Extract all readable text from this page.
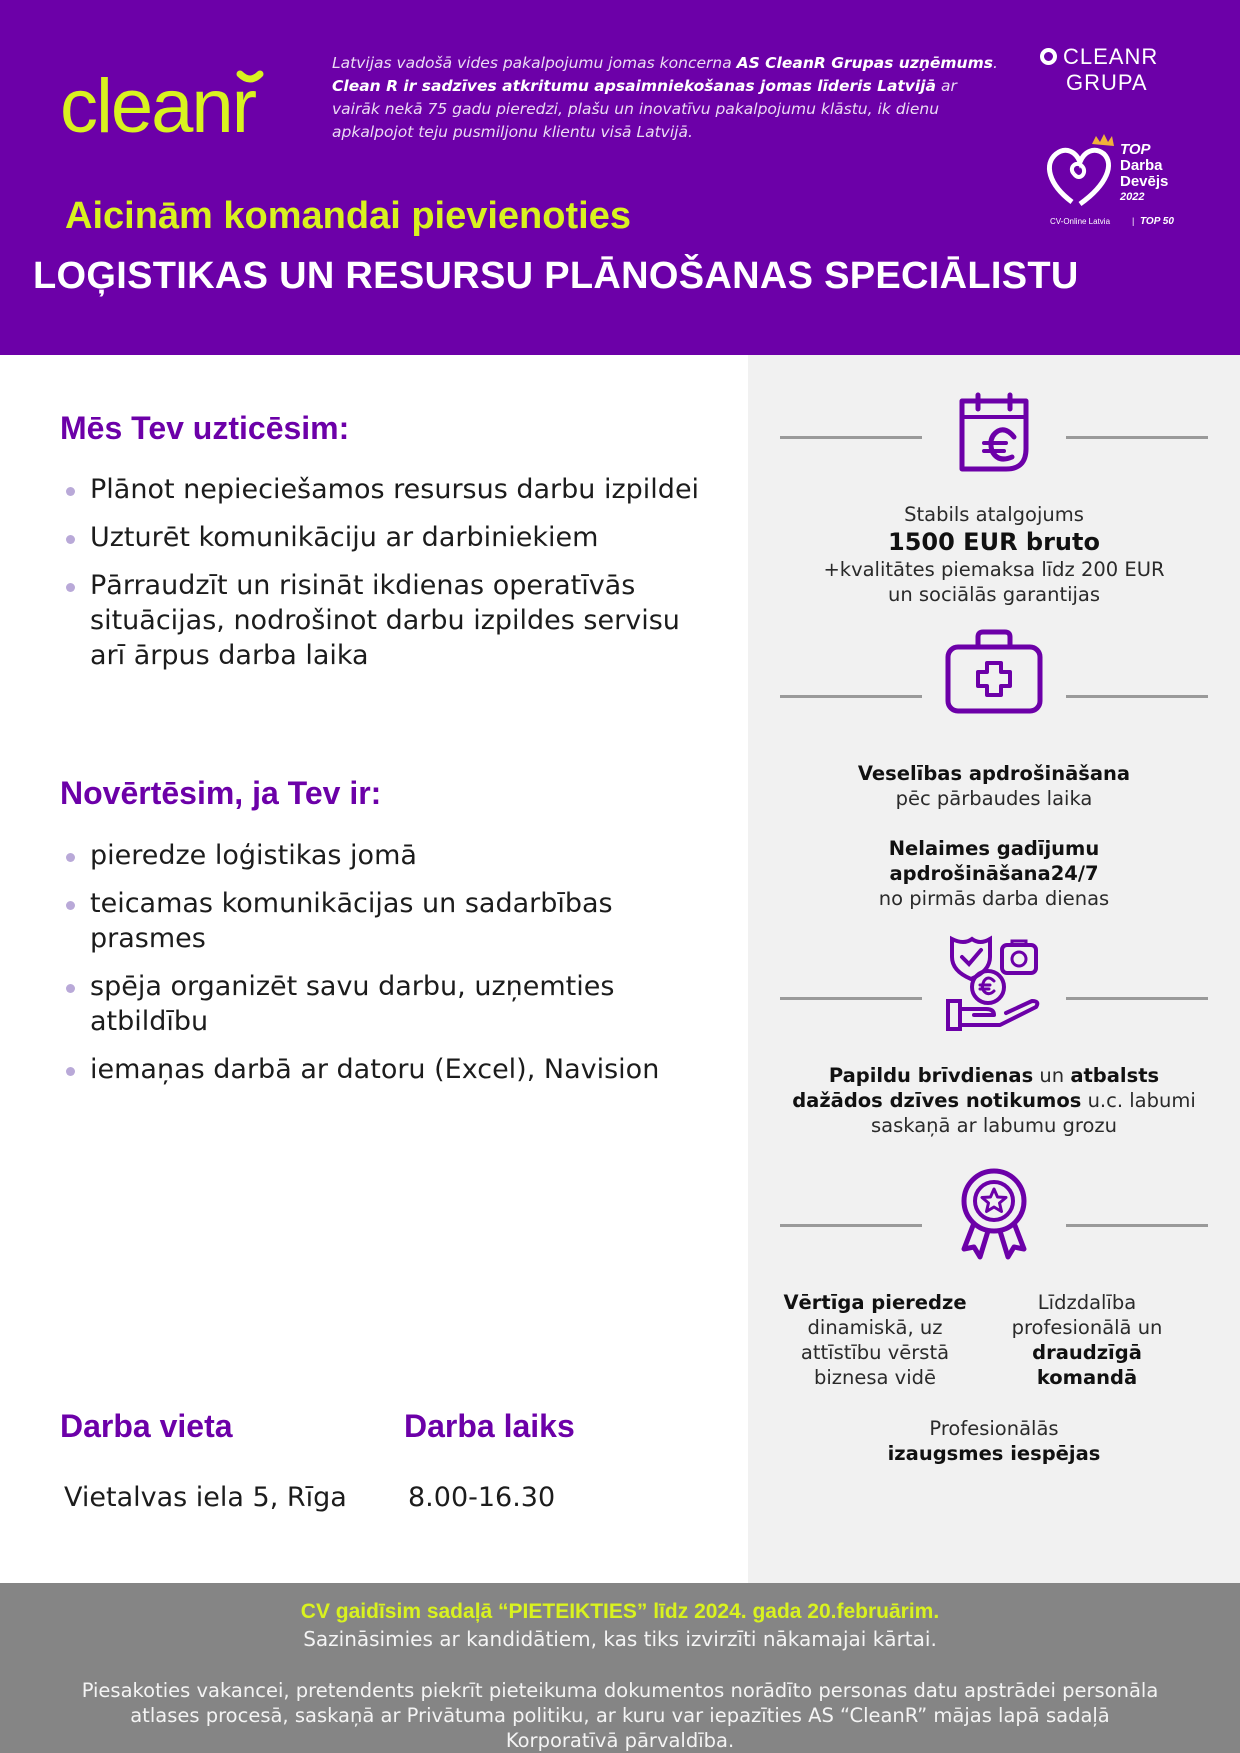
cleanr
Latvijas vadošā vides pakalpojumu jomas koncerna AS CleanR Grupas uzņēmums. Clean R ir sadzīves atkritumu apsaimniekošanas jomas līderis Latvijā ar vairāk nekā 75 gadu pieredzi, plašu un inovatīvu pakalpojumu klāstu, ik dienu apkalpojot teju pusmiljonu klientu visā Latvijā.
CLEANR
GRUPA
TOP
Darba
Devējs
2022
CV-Online Latvia | TOP 50
Aicinām komandai pievienoties
LOĢISTIKAS UN RESURSU PLĀNOŠANAS SPECIĀLISTU
Mēs Tev uzticēsim:
Plānot nepieciešamos resursus darbu izpildei
Uzturēt komunikāciju ar darbiniekiem
Pārraudzīt un risināt ikdienas operatīvās situācijas, nodrošinot darbu izpildes servisu arī ārpus darba laika
Novērtēsim, ja Tev ir:
pieredze loģistikas jomā
teicamas komunikācijas un sadarbības prasmes
spēja organizēt savu darbu, uzņemties atbildību
iemaņas darbā ar datoru (Excel), Navision
Darba vieta
Vietalvas iela 5, Rīga
Darba laiks
8.00-16.30
Stabils atalgojums
1500 EUR bruto
+kvalitātes piemaksa līdz 200 EUR
un sociālās garantijas
Veselības apdrošināšana
pēc pārbaudes laika

Nelaimes gadījumu
apdrošināšana24/7
no pirmās darba dienas
Papildu brīvdienas un atbalsts
dažādos dzīves notikumos u.c. labumi
saskaņā ar labumu grozu
Vērtīga pieredze
dinamiskā, uz
attīstību vērstā
biznesa vidē
Līdzdalība
profesionālā un
draudzīgā
komandā
Profesionālās
izaugsmes iespējas
CV gaidīsim sadaļā “PIETEIKTIES” līdz 2024. gada 20.februārim.
Sazināsimies ar kandidātiem, kas tiks izvirzīti nākamajai kārtai.
Piesakoties vakancei, pretendents piekrīt pieteikuma dokumentos norādīto personas datu apstrādei personāla atlases procesā, saskaņā ar Privātuma politiku, ar kuru var iepazīties AS “CleanR” mājas lapā sadaļā Korporatīvā pārvaldība.
